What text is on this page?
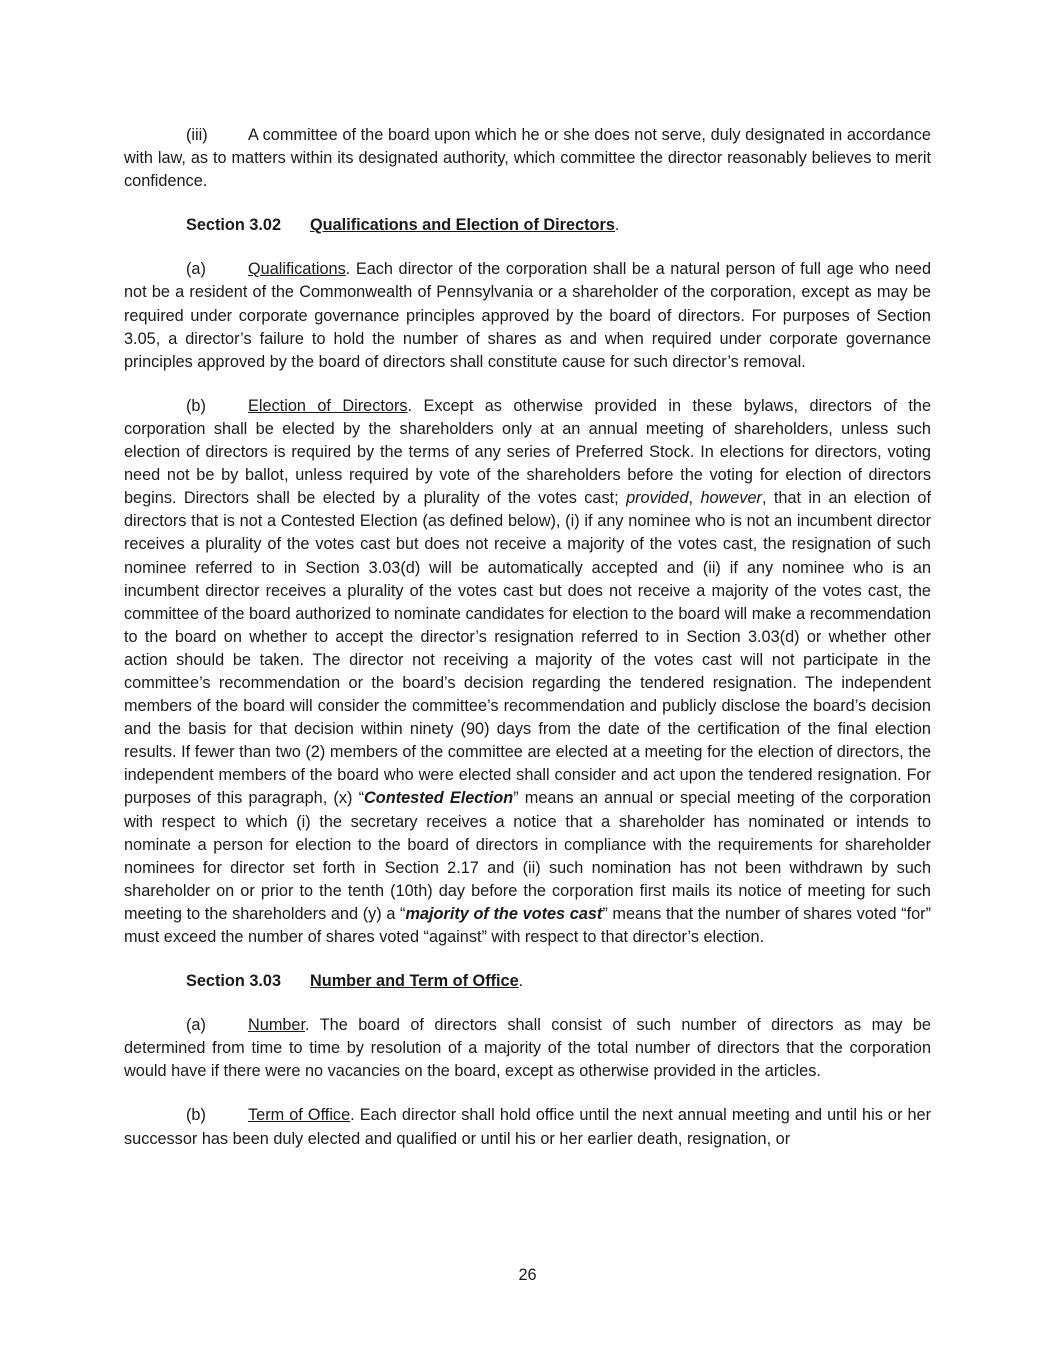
(iii) A committee of the board upon which he or she does not serve, duly designated in accordance with law, as to matters within its designated authority, which committee the director reasonably believes to merit confidence.

Section 3.02 Qualifications and Election of Directors.

(a)	Qualifications. Each director of the corporation shall be a natural person of full age who need not be a resident of the Commonwealth of Pennsylvania or a shareholder of the corporation, except as may be required under corporate governance principles approved by the board of directors. For purposes of Section 3.05, a director’s failure to hold the number of shares as and when required under corporate governance principles approved by the board of directors shall constitute cause for such director’s removal.

(b)	Election of Directors. Except as otherwise provided in these bylaws, directors of the corporation shall be elected by the shareholders only at an annual meeting of shareholders, unless such election of directors is required by the terms of any series of Preferred Stock. In elections for directors, voting need not be by ballot, unless required by vote of the shareholders before the voting for election of directors begins. Directors shall be elected by a plurality of the votes cast; provided, however, that in an election of directors that is not a Contested Election (as defined below), (i) if any nominee who is not an incumbent director receives a plurality of the votes cast but does not receive a majority of the votes cast, the resignation of such nominee referred to in Section 3.03(d) will be automatically accepted and (ii) if any nominee who is an incumbent director receives a plurality of the votes cast but does not receive a majority of the votes cast, the committee of the board authorized to nominate candidates for election to the board will make a recommendation to the board on whether to accept the director’s resignation referred to in Section 3.03(d) or whether other action should be taken. The director not receiving a majority of the votes cast will not participate in the committee’s recommendation or the board’s decision regarding the tendered resignation. The independent members of the board will consider the committee’s recommendation and publicly disclose the board’s decision and the basis for that decision within ninety (90) days from the date of the certification of the final election results. If fewer than two (2) members of the committee are elected at a meeting for the election of directors, the independent members of the board who were elected shall consider and act upon the tendered resignation. For purposes of this paragraph, (x) “Contested Election” means an annual or special meeting of the corporation with respect to which (i) the secretary receives a notice that a shareholder has nominated or intends to nominate a person for election to the board of directors in compliance with the requirements for shareholder nominees for director set forth in Section 2.17 and (ii) such nomination has not been withdrawn by such shareholder on or prior to the tenth (10th) day before the corporation first mails its notice of meeting for such meeting to the shareholders and (y) a “majority of the votes cast” means that the number of shares voted “for” must exceed the number of shares voted “against” with respect to that director’s election.

Section 3.03 Number and Term of Office.

(a)	Number. The board of directors shall consist of such number of directors as may be determined from time to time by resolution of a majority of the total number of directors that the corporation would have if there were no vacancies on the board, except as otherwise provided in the articles.

(b)	Term of Office. Each director shall hold office until the next annual meeting and until his or her successor has been duly elected and qualified or until his or her earlier death, resignation, or

26
